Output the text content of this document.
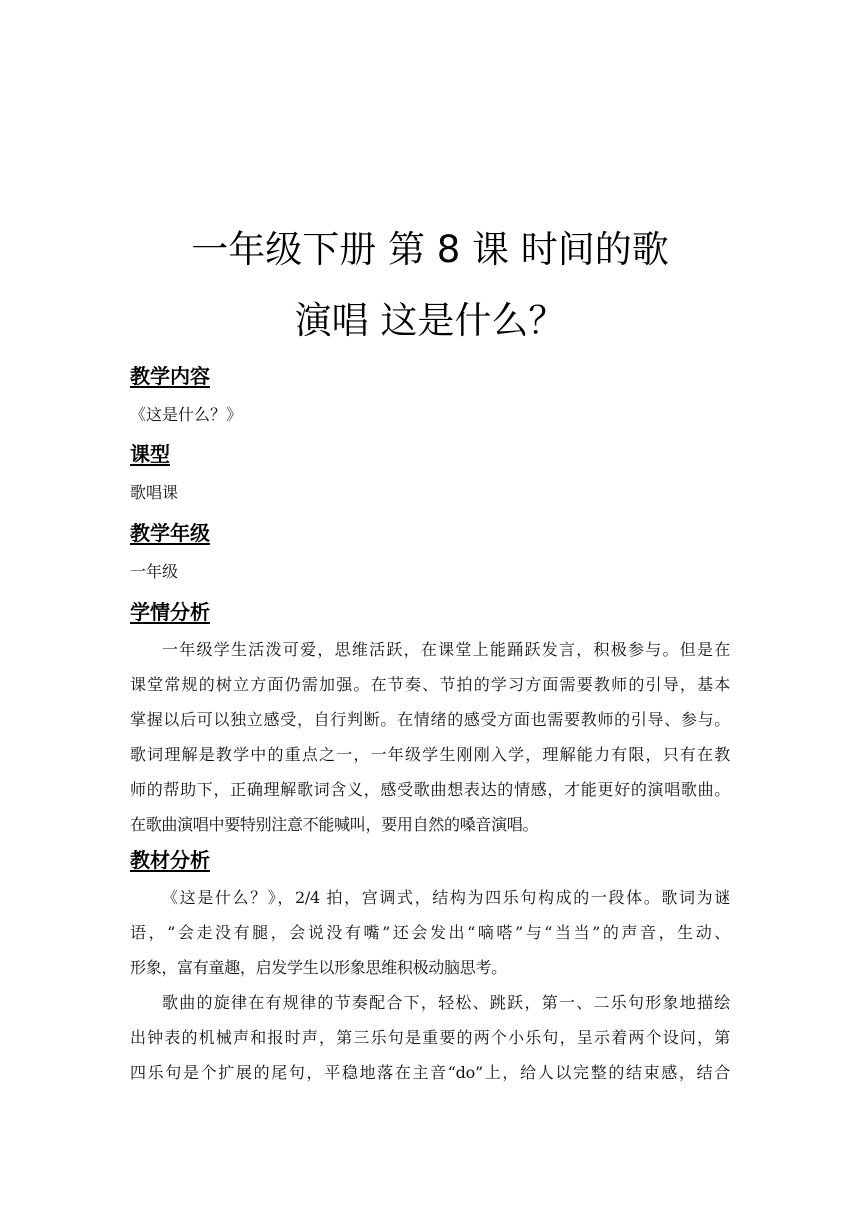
一年级下册 第 8 课 时间的歌
演唱 这是什么？
教学内容
《这是什么？》
课型
歌唱课
教学年级
一年级
学情分析
一年级学生活泼可爱，思维活跃，在课堂上能踊跃发言，积极参与。但是在
课堂常规的树立方面仍需加强。在节奏、节拍的学习方面需要教师的引导，基本
掌握以后可以独立感受，自行判断。在情绪的感受方面也需要教师的引导、参与。
歌词理解是教学中的重点之一，一年级学生刚刚入学，理解能力有限，只有在教
师的帮助下，正确理解歌词含义，感受歌曲想表达的情感，才能更好的演唱歌曲。
在歌曲演唱中要特别注意不能喊叫，要用自然的嗓音演唱。
教材分析
《这是什么？》，2/4 拍，宫调式，结构为四乐句构成的一段体。歌词为谜
语，“会走没有腿，会说没有嘴”还会发出“嘀嗒”与“当当”的声音，生动、
形象，富有童趣，启发学生以形象思维积极动脑思考。
歌曲的旋律在有规律的节奏配合下，轻松、跳跃，第一、二乐句形象地描绘
出钟表的机械声和报时声，第三乐句是重要的两个小乐句，呈示着两个设问，第
四乐句是个扩展的尾句，平稳地落在主音“do”上，给人以完整的结束感，结合
